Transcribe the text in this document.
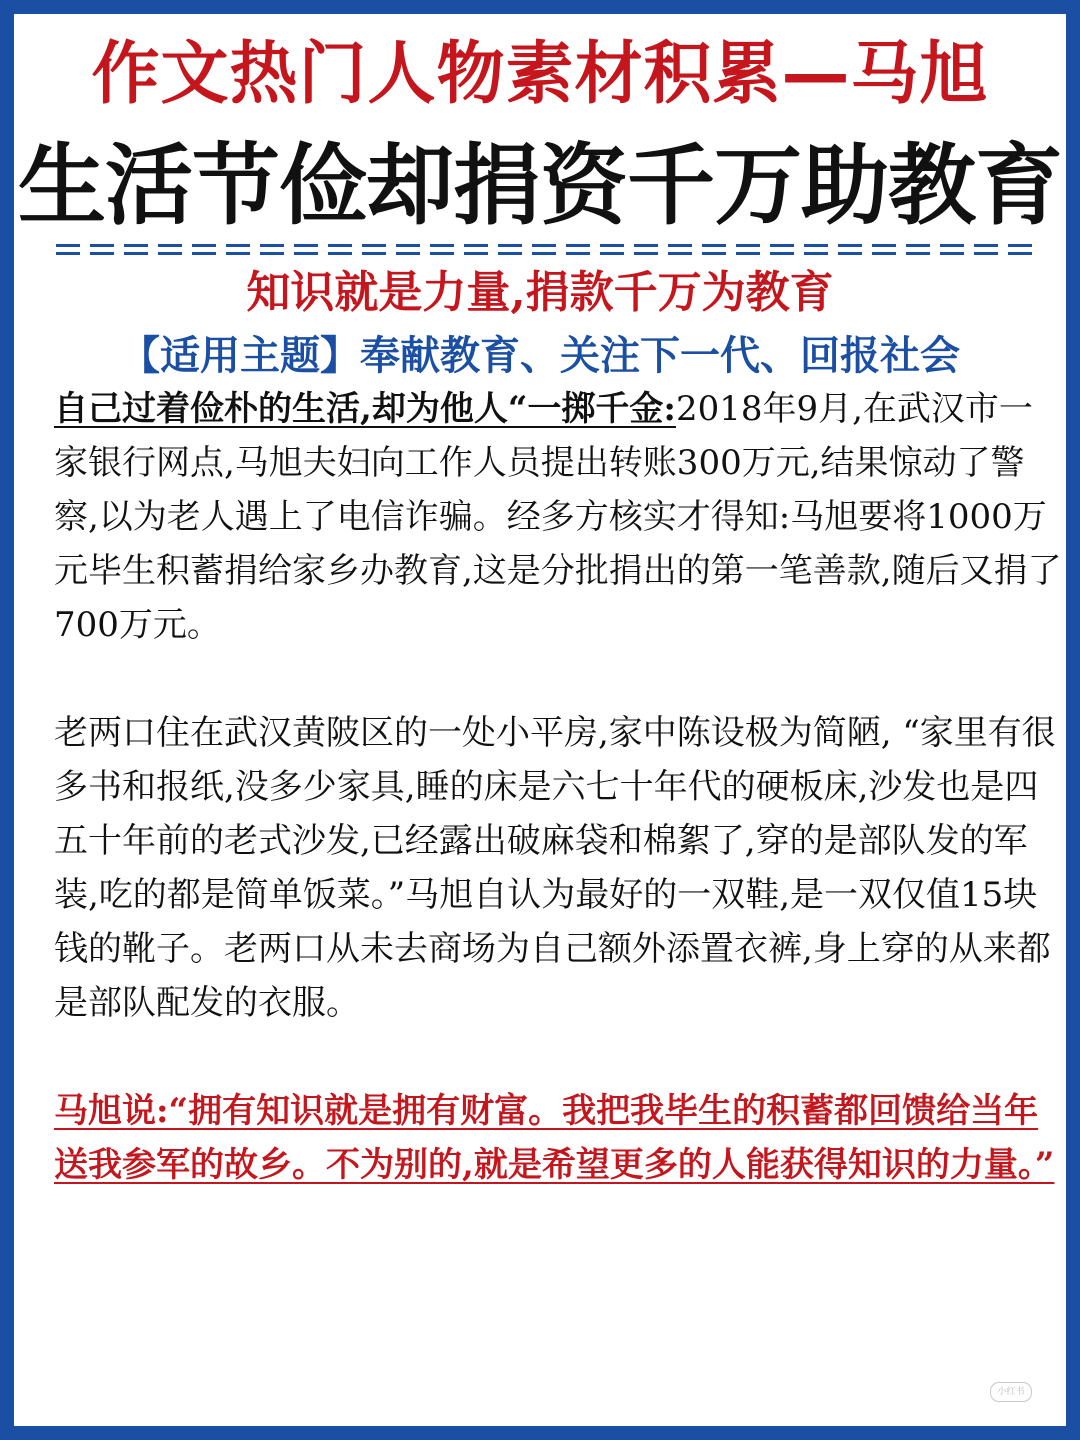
作文热门人物素材积累—马旭
生活节俭却捐资千万助教育
知识就是力量,捐款千万为教育
【适用主题】奉献教育、关注下一代、回报社会

自己过着俭朴的生活,却为他人“一掷千金:2018年9月,在武汉市一家银行网点,马旭夫妇向工作人员提出转账300万元,结果惊动了警察,以为老人遇上了电信诈骗。经多方核实才得知:马旭要将1000万元毕生积蓄捐给家乡办教育,这是分批捐出的第一笔善款,随后又捐了700万元。

老两口住在武汉黄陂区的一处小平房,家中陈设极为简陋, “家里有很多书和报纸,没多少家具,睡的床是六七十年代的硬板床,沙发也是四五十年前的老式沙发,已经露出破麻袋和棉絮了,穿的是部队发的军装,吃的都是简单饭菜。”马旭自认为最好的一双鞋,是一双仅值15块钱的靴子。老两口从未去商场为自己额外添置衣裤,身上穿的从来都是部队配发的衣服。

马旭说:“拥有知识就是拥有财富。我把我毕生的积蓄都回馈给当年送我参军的故乡。不为别的,就是希望更多的人能获得知识的力量。”

小红书
